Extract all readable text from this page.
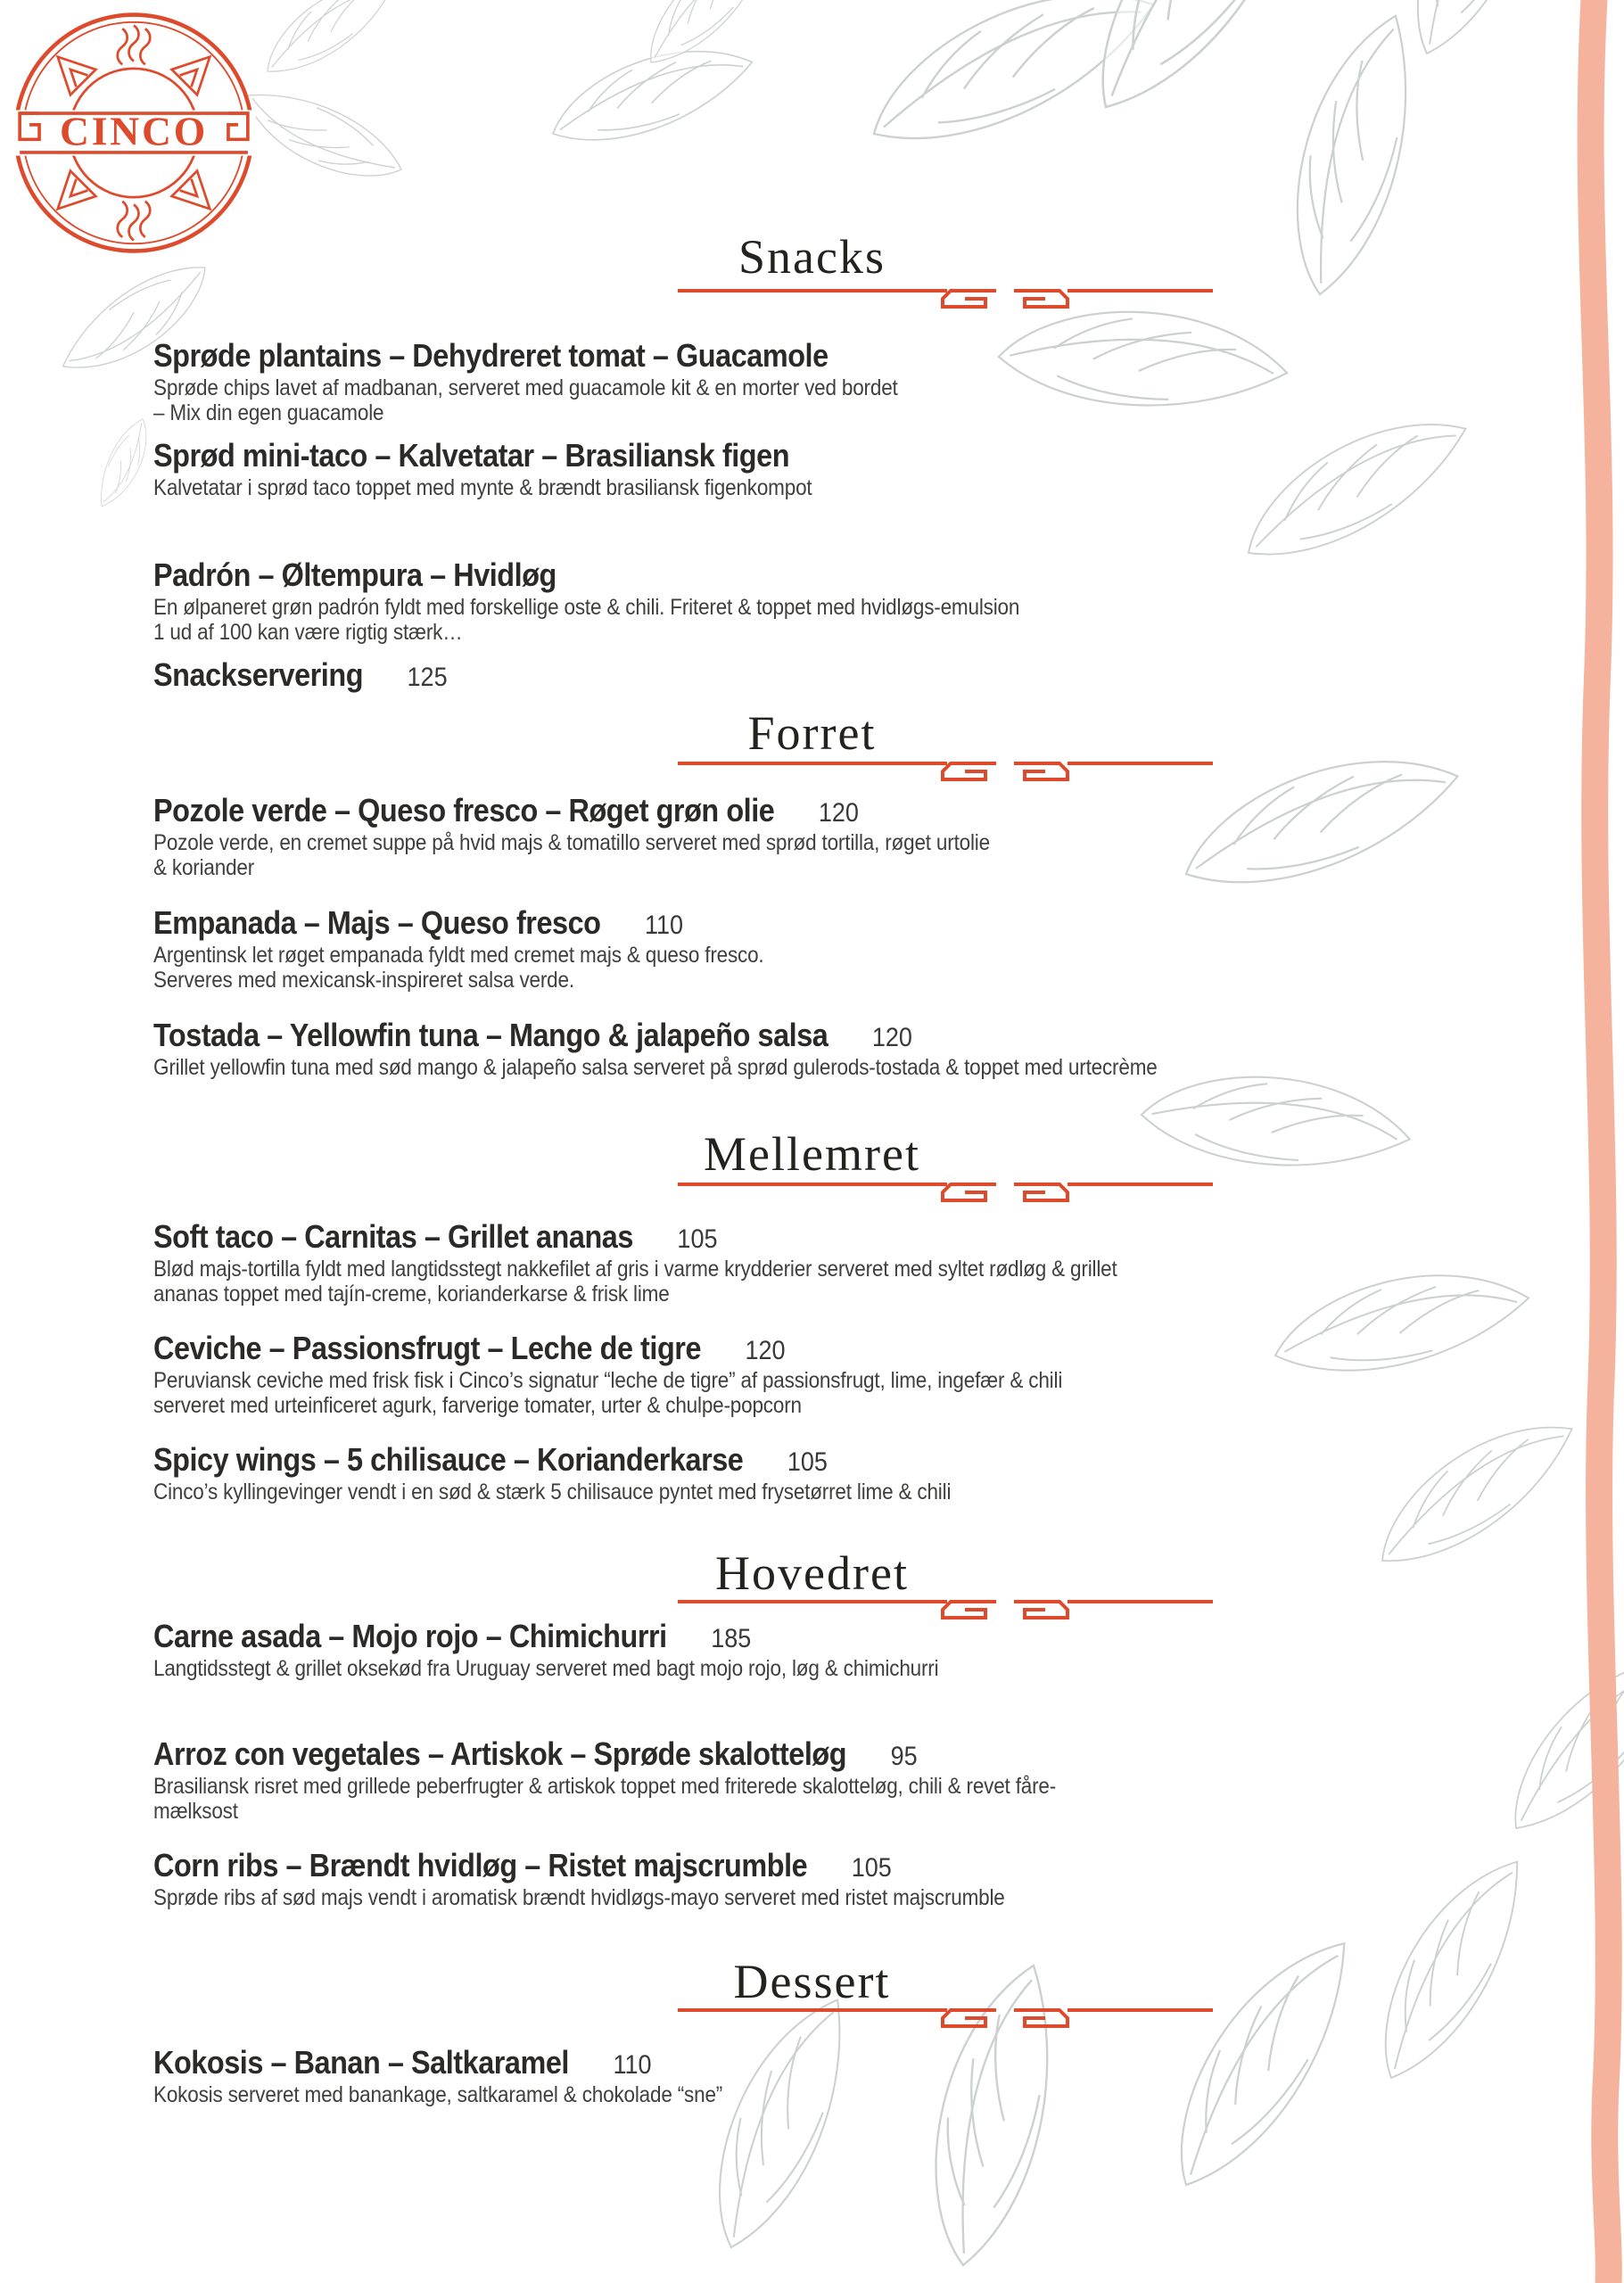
CINCO
Snacks
Sprøde plantains – Dehydreret tomat – Guacamole
Sprøde chips lavet af madbanan, serveret med guacamole kit & en morter ved bordet
– Mix din egen guacamole
Sprød mini-taco – Kalvetatar – Brasiliansk figen
Kalvetatar i sprød taco toppet med mynte & brændt brasiliansk figenkompot
Padrón – Øltempura – Hvidløg
En ølpaneret grøn padrón fyldt med forskellige oste & chili. Friteret & toppet med hvidløgs-emulsion
1 ud af 100 kan være rigtig stærk…
Snackservering 125
Forret
Pozole verde – Queso fresco – Røget grøn olie 120
Pozole verde, en cremet suppe på hvid majs & tomatillo serveret med sprød tortilla, røget urtolie
& koriander
Empanada – Majs – Queso fresco 110
Argentinsk let røget empanada fyldt med cremet majs & queso fresco.
Serveres med mexicansk-inspireret salsa verde.
Tostada – Yellowfin tuna – Mango & jalapeño salsa 120
Grillet yellowfin tuna med sød mango & jalapeño salsa serveret på sprød gulerods-tostada & toppet med urtecrème
Mellemret
Soft taco – Carnitas – Grillet ananas 105
Blød majs-tortilla fyldt med langtidsstegt nakkefilet af gris i varme krydderier serveret med syltet rødløg & grillet
ananas toppet med tajín-creme, korianderkarse & frisk lime
Ceviche – Passionsfrugt – Leche de tigre 120
Peruviansk ceviche med frisk fisk i Cinco’s signatur “leche de tigre” af passionsfrugt, lime, ingefær & chili
serveret med urteinficeret agurk, farverige tomater, urter & chulpe-popcorn
Spicy wings – 5 chilisauce – Korianderkarse 105
Cinco’s kyllingevinger vendt i en sød & stærk 5 chilisauce pyntet med frysetørret lime & chili
Hovedret
Carne asada – Mojo rojo – Chimichurri 185
Langtidsstegt & grillet oksekød fra Uruguay serveret med bagt mojo rojo, løg & chimichurri
Arroz con vegetales – Artiskok – Sprøde skalotteløg 95
Brasiliansk risret med grillede peberfrugter & artiskok toppet med friterede skalotteløg, chili & revet fåre-
mælksost
Corn ribs – Brændt hvidløg – Ristet majscrumble 105
Sprøde ribs af sød majs vendt i aromatisk brændt hvidløgs-mayo serveret med ristet majscrumble
Dessert
Kokosis – Banan – Saltkaramel 110
Kokosis serveret med banankage, saltkaramel & chokolade “sne”
